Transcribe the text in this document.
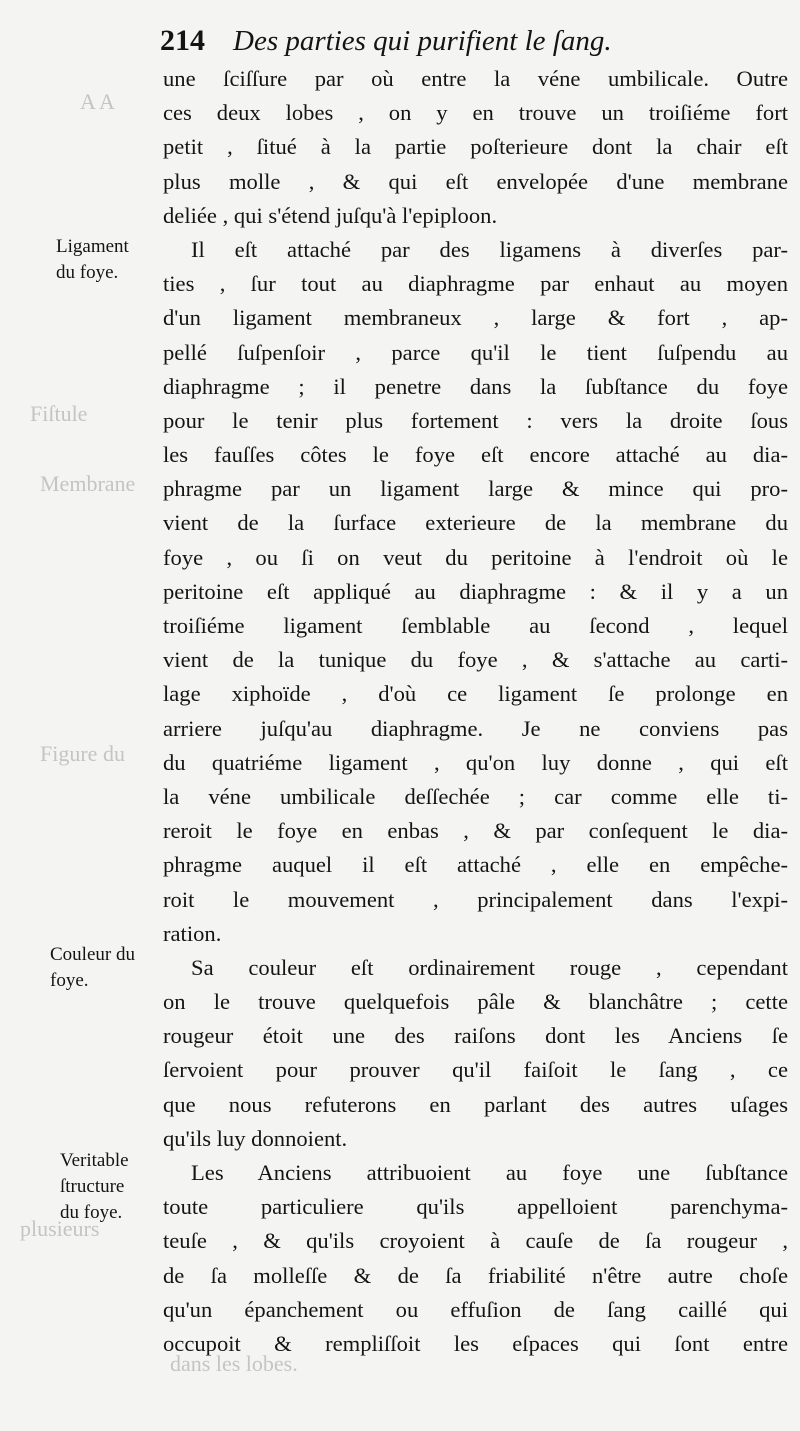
A A
Fiſtule
Membrane
Figure du
plusieurs
dans les lobes.
214 Des parties qui purifient le ſang.
Ligament
du foye.
Couleur du
foye.
Veritable
ſtructure
du foye.
une ſciſſure par où entre la véne umbilicale. Outre
ces deux lobes , on y en trouve un troiſiéme fort
petit , ſitué à la partie poſterieure dont la chair eſt
plus molle , & qui eſt envelopée d'une membrane
deliée , qui s'étend juſqu'à l'epiploon.
Il eſt attaché par des ligamens à diverſes par-
ties , ſur tout au diaphragme par enhaut au moyen
d'un ligament membraneux , large & fort , ap-
pellé ſuſpenſoir , parce qu'il le tient ſuſpendu au
diaphragme ; il penetre dans la ſubſtance du foye
pour le tenir plus fortement : vers la droite ſous
les fauſſes côtes le foye eſt encore attaché au dia-
phragme par un ligament large & mince qui pro-
vient de la ſurface exterieure de la membrane du
foye , ou ſi on veut du peritoine à l'endroit où le
peritoine eſt appliqué au diaphragme : & il y a un
troiſiéme ligament ſemblable au ſecond , lequel
vient de la tunique du foye , & s'attache au carti-
lage xiphoïde , d'où ce ligament ſe prolonge en
arriere juſqu'au diaphragme. Je ne conviens pas
du quatriéme ligament , qu'on luy donne , qui eſt
la véne umbilicale deſſechée ; car comme elle ti-
reroit le foye en enbas , & par conſequent le dia-
phragme auquel il eſt attaché , elle en empêche-
roit le mouvement , principalement dans l'expi-
ration.
Sa couleur eſt ordinairement rouge , cependant
on le trouve quelquefois pâle & blanchâtre ; cette
rougeur étoit une des raiſons dont les Anciens ſe
ſervoient pour prouver qu'il faiſoit le ſang , ce
que nous refuterons en parlant des autres uſages
qu'ils luy donnoient.
Les Anciens attribuoient au foye une ſubſtance
toute particuliere qu'ils appelloient parenchyma-
teuſe , & qu'ils croyoient à cauſe de ſa rougeur ,
de ſa molleſſe & de ſa friabilité n'être autre choſe
qu'un épanchement ou effuſion de ſang caillé qui
occupoit & rempliſſoit les eſpaces qui ſont entre
